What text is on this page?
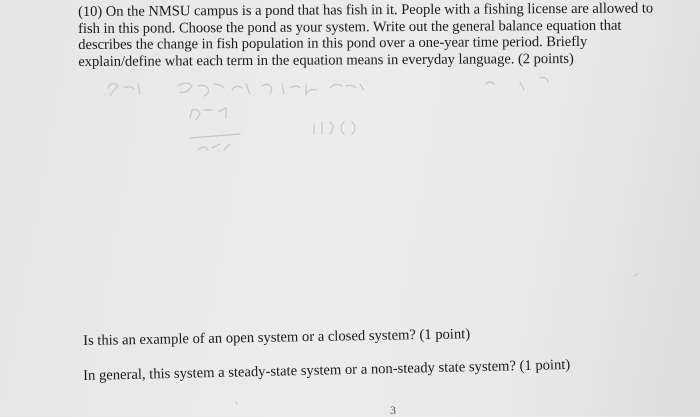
(10) On the NMSU campus is a pond that has fish in it. People with a fishing license are allowed to fish in this pond. Choose the pond as your system. Write out the general balance equation that describes the change in fish population in this pond over a one-year time period. Briefly explain/define what each term in the equation means in everyday language. (2 points)
Is this an example of an open system or a closed system? (1 point)
In general, this system a steady-state system or a non-steady state system? (1 point)
3
